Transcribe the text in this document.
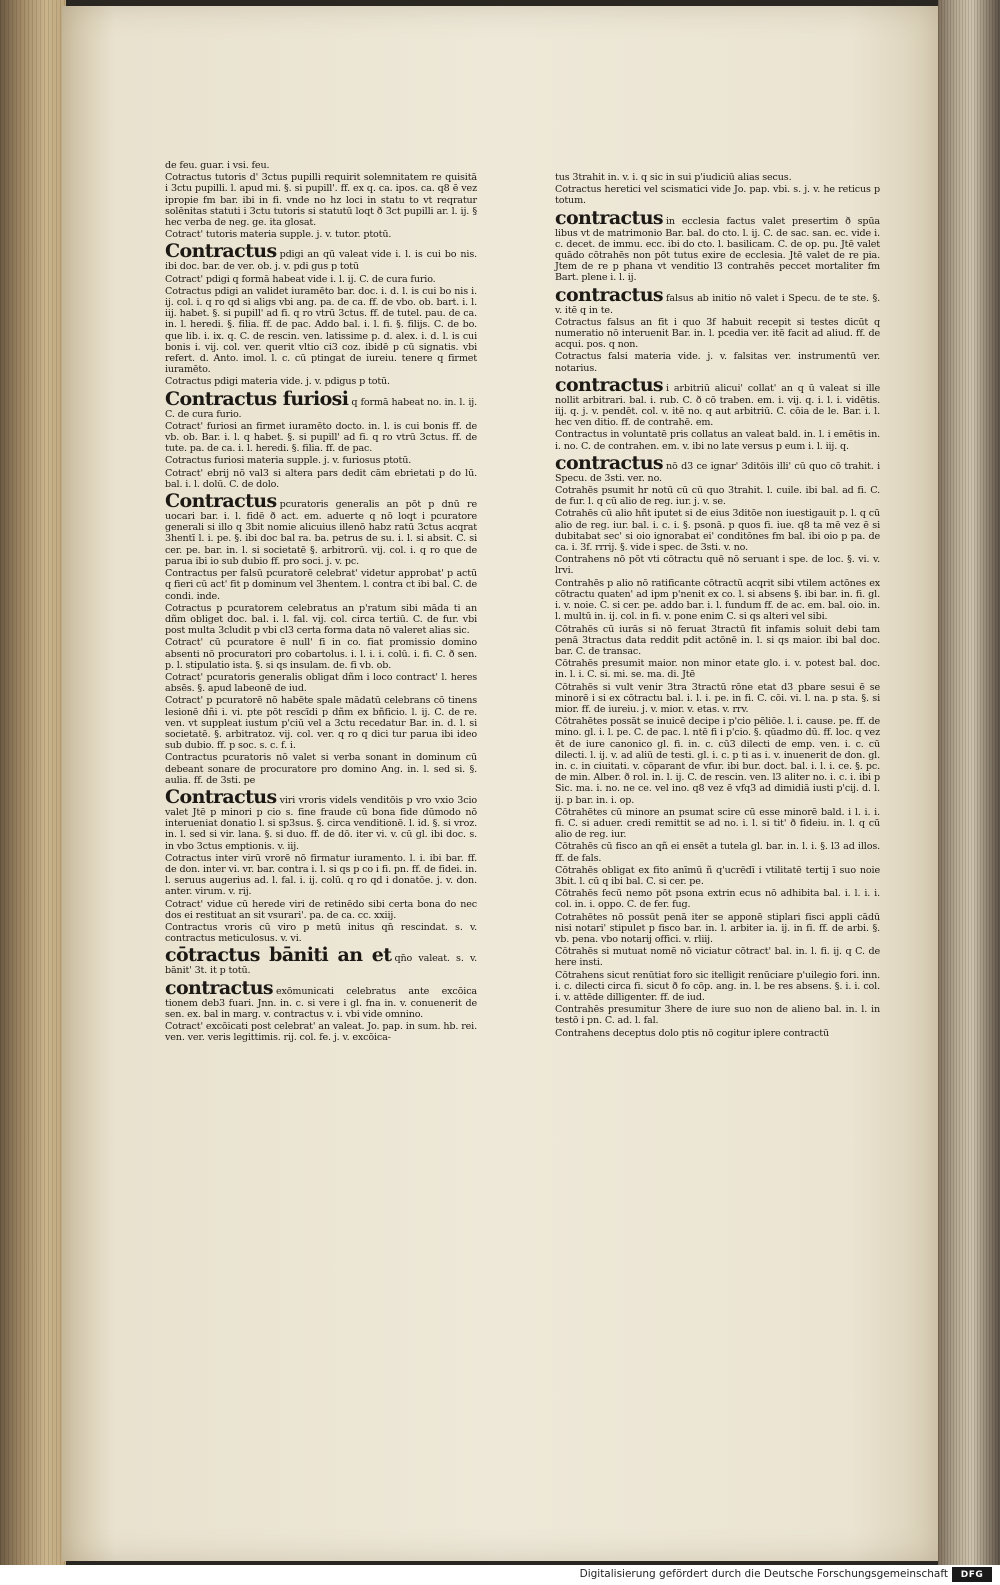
de feu. guar. i vsi. feu.
Cotractus tutoris d' 3ctus pupilli requirit solemnitatem re quisitā i 3ctu pupilli. l. apud mi. §. si pupill'. ff. ex q. ca. ipos. ca. q8 ē vez ipropie fm bar. ibi in fi. vnde no hz loci in statu to vt reqratur solēnitas statuti i 3ctu tutoris si statutū loqt ð 3ct pupilli ar. l. ij. § hec verba de neg. ge. ita glosat.
Cotract' tutoris materia supple. j. v. tutor. ptotū.
Contractus pdigi an qū valeat vide i. l. is cui bo nis. ibi doc. bar. de ver. ob. j. v. pdi gus p totū
Cotract' pdigi q formā habeat vide i. l. ij. C. de cura furio.
Cotractus pdigi an validet iuramēto bar. doc. i. d. l. is cui bo nis i. ij. col. i. q ro qd si aligs vbi ang. pa. de ca. ff. de vbo. ob. bart. i. l. iij. habet. §. si pupill' ad fi. q ro vtrū 3ctus. ff. de tutel. pau. de ca. in. l. heredi. §. filia. ff. de pac. Addo bal. i. l. fi. §. filijs. C. de bo. que lib. i. ix. q. C. de rescin. ven. latissime p. d. alex. i. d. l. is cui bonis i. vij. col. ver. querit vltio ci3 coz. ibidē p cū signatis. vbi refert. d. Anto. imol. l. c. cū ptingat de iureiu. tenere q firmet iuramēto.
Cotractus pdigi materia vide. j. v. pdigus p totū.
Contractus furiosi q formā habeat no. in. l. ij. C. de cura furio.
Cotract' furiosi an firmet iuramēto docto. in. l. is cui bonis ff. de vb. ob. Bar. i. l. q habet. §. si pupill' ad fi. q ro vtrū 3ctus. ff. de tute. pa. de ca. i. l. heredi. §. filia. ff. de pac.
Cotractus furiosi materia supple. j. v. furiosus ptotū.
Cotract' ebrij nō val3 si altera pars dedit cām ebrietati p do lū. bal. i. l. dolū. C. de dolo.
Contractus pcuratoris generalis an pōt p dnū re uocari bar. i. l. fidē ð act. em. aduerte q nō loqt i pcuratore generali si illo q 3bit nomie alicuius illenō habz ratū 3ctus acqrat 3hentī l. i. pe. §. ibi doc bal ra. ba. petrus de su. i. l. si absit. C. si cer. pe. bar. in. l. si societatē §. arbitrorū. vij. col. i. q ro que de parua ibi io sub dubio ff. pro soci. j. v. pc.
Contractus per falsū pcuratorē celebrat' videtur approbat' p actū q fieri cū act' fit p dominum vel 3hentem. l. contra ct ibi bal. C. de condi. inde.
Cotractus p pcuratorem celebratus an p'ratum sibi māda ti an dñm obliget doc. bal. i. l. fal. vij. col. circa tertiū. C. de fur. vbi post multa 3cludit p vbi cl3 certa forma data nō valeret alias sic.
Cotract' cū pcuratore ē null' fi in co. fiat promissio domino absenti nō procuratori pro cobartolus. i. l. i. i. colū. i. fi. C. ð sen. p. l. stipulatio ista. §. si qs insulam. de. fi vb. ob.
Cotract' pcuratoris generalis obligat dñm i loco contract' l. heres absēs. §. apud labeonē de iud.
Cotract' p pcuratorē nō habēte spale mādatū celebrans cō tinens lesionē dñi i. vi. pte pōt rescīdi p dñm ex bñficio. l. ij. C. de re. ven. vt suppleat iustum p'ciū vel a 3ctu recedatur Bar. in. d. l. si societatē. §. arbitratoz. vij. col. ver. q ro q dici tur parua ibi ideo sub dubio. ff. p soc. s. c. f. i.
Contractus pcuratoris nō valet si verba sonant in dominum cū debeant sonare de procuratore pro domino Ang. in. l. sed si. §. aulia. ff. de 3sti. pe
Contractus viri vroris videls venditōis p vro vxio 3cio valet Jtē p minori p cio s. fine fraude cū bona fide dūmodo nō interueniat donatio l. si sp3sus. §. circa venditionē. l. id. §. si vroz. in. l. sed si vir. lana. §. si duo. ff. de dō. iter vi. v. cū gl. ibi doc. s. in vbo 3ctus emptionis. v. iij.
Cotractus inter virū vrorē nō firmatur iuramento. l. i. ibi bar. ff. de don. inter vi. vr. bar. contra i. l. si qs p co i fi. pn. ff. de fidei. in. l. seruus augerius ad. l. fal. i. ij. colū. q ro qd i donatōe. j. v. don. anter. virum. v. rij.
Cotract' vidue cū herede viri de retinēdo sibi certa bona do nec dos ei restituat an sit vsurari'. pa. de ca. cc. xxiij.
Contractus vroris cū viro p metū initus qn̄ rescindat. s. v. contractus meticulosus. v. vi.
cōtractus bāniti an et qn̄o valeat. s. v. bānit' 3t. it p totū.
contractus exōmunicati celebratus ante excōica tionem deb3 fuari. Jnn. in. c. si vere i gl. fna in. v. conuenerit de sen. ex. bal in marg. v. contractus v. i. vbi vide omnino.
Cotract' excōicati post celebrat' an valeat. Jo. pap. in sum. hb. rei. ven. ver. veris legittimis. rij. col. fe. j. v. excōica-
tus 3trahit in. v. i. q sic in sui p'iudiciū alias secus.
Cotractus heretici vel scismatici vide Jo. pap. vbi. s. j. v. he reticus p totum.
contractus in ecclesia factus valet presertim ð spūa libus vt de matrimonio Bar. bal. do cto. l. ij. C. de sac. san. ec. vide i. c. decet. de immu. ecc. ibi do cto. l. basilicam. C. de op. pu. Jtē valet quādo cōtrahēs non pōt tutus exire de ecclesia. Jtē valet de re pia. Jtem de re p phana vt venditio l3 contrahēs peccet mortaliter fm Bart. plene i. l. ij.
contractus falsus ab initio nō valet i Specu. de te ste. §. v. itē q in te.
Cotractus falsus an fit i quo 3f habuit recepit si testes dicūt q numeratio nō interuenit Bar. in. l. pcedia ver. itē facit ad aliud. ff. de acqui. pos. q non.
Cotractus falsi materia vide. j. v. falsitas ver. instrumentū ver. notarius.
contractus i arbitriū alicui' collat' an q ū valeat si ille nollit arbitrari. bal. i. rub. C. ð cō traben. em. i. vij. q. i. l. i. vidētis. iij. q. j. v. pendēt. col. v. itē no. q aut arbitriū. C. cōia de le. Bar. i. l. hec ven ditio. ff. de contrahē. em.
Contractus in voluntatē pris collatus an valeat bald. in. l. i emētis in. i. no. C. de contrahen. em. v. ibi no late versus p eum i. l. iij. q.
contractus nō d3 ce ignar' 3ditōis illi' cū quo cō trahit. i Specu. de 3sti. ver. no.
Cotrahēs psumit hr notū cū cū quo 3trahit. l. cuile. ibi bal. ad fi. C. de fur. l. q cū alio de reg. iur. j. v. se.
Cotrahēs cū alio hñt iputet si de eius 3ditōe non iuestigauit p. l. q cū alio de reg. iur. bal. i. c. i. §. psonā. p quos fi. iue. q8 ta mē vez ē si dubitabat sec' si oio ignorabat ei' conditōnes fm bal. ibi oio p pa. de ca. i. 3f. rrrij. §. vide i spec. de 3sti. v. no.
Contrahens nō pōt vti cōtractu quē nō seruant i spe. de loc. §. vi. v. lrvi.
Contrahēs p alio nō ratificante cōtractū acqrit sibi vtilem actōnes ex cōtractu quaten' ad ipm p'nenit ex co. l. si absens §. ibi bar. in. fi. gl. i. v. noie. C. si cer. pe. addo bar. i. l. fundum ff. de ac. em. bal. oio. in. l. multū in. ij. col. in fi. v. pone enim C. si qs alteri vel sibi.
Cōtrahēs cū iurās si nō feruat 3tractū fit infamis soluit debi tam penā 3tractus data reddit pdit actōnē in. l. si qs maior. ibi bal doc. bar. C. de transac.
Cōtrahēs presumit maior. non minor etate glo. i. v. potest bal. doc. in. l. i. C. si. mi. se. ma. di. Jtē
Cōtrahēs si vult venir 3tra 3tractū rōne etat d3 pbare sesui ē se minorē i si ex cōtractu bal. i. l. i. pe. in fi. C. cōi. vi. l. na. p sta. §. si mior. ff. de iureiu. j. v. mior. v. etas. v. rrv.
Cōtrahētes possāt se inuicē decipe i p'cio pēliōe. l. i. cause. pe. ff. de mino. gl. i. l. pe. C. de pac. l. ntē fi i p'cio. §. qūadmo dū. ff. loc. q vez ēt de iure canonico gl. fi. in. c. cū3 dilecti de emp. ven. i. c. cū dilecti. l. ij. v. ad aliū de testi. gl. i. c. p ti as i. v. inuenerit de don. gl. in. c. in ciuitati. v. cōparant de vfur. ibi bur. doct. bal. i. l. i. ce. §. pc. de min. Alber. ð rol. in. l. ij. C. de rescin. ven. l3 aliter no. i. c. i. ibi p Sic. ma. i. no. ne ce. vel ino. q8 vez ē vfq3 ad dimidiā iusti p'cij. d. l. ij. p bar. in. i. op.
Cōtrahētes cū minore an psumat scire cū esse minorē bald. i l. i. i. fi. C. si aduer. credi remittit se ad no. i. l. si tit' ð fideiu. in. l. q cū alio de reg. iur.
Cōtrahēs cū fisco an qñ ei ensēt a tutela gl. bar. in. l. i. §. l3 ad illos. ff. de fals.
Cōtrahēs obligat ex fito anīmū ñ q'ucrēdī i vtilitatē tertij ī suo noie 3bit. l. cū q ibi bal. C. si cer. pe.
Cōtrahēs fecū nemo pōt psona extrin ecus nō adhibita bal. i. l. i. i. col. in. i. oppo. C. de fer. fug.
Cotrahētes nō possūt penā iter se apponē stiplari fisci appli cādū nisi notari' stipulet p fisco bar. in. l. arbiter ia. ij. in fi. ff. de arbi. §. vb. pena. vbo notarij offici. v. rliij.
Cōtrahēs si mutuat nomē nō viciatur cōtract' bal. in. l. fi. ij. q C. de here insti.
Cōtrahens sicut renūtiat foro sic itelligit renūciare p'uilegio fori. inn. i. c. dilecti circa fi. sicut ð fo cōp. ang. in. l. be res absens. §. i. i. col. i. v. attēde dilligenter. ff. de iud.
Contrahēs presumitur 3here de iure suo non de alieno bal. in. l. in testō i pn. C. ad. l. fal.
Contrahens deceptus dolo ptis nō cogitur iplere contractū
Digitalisierung gefördert durch die Deutsche Forschungsgemeinschaft	DFG
